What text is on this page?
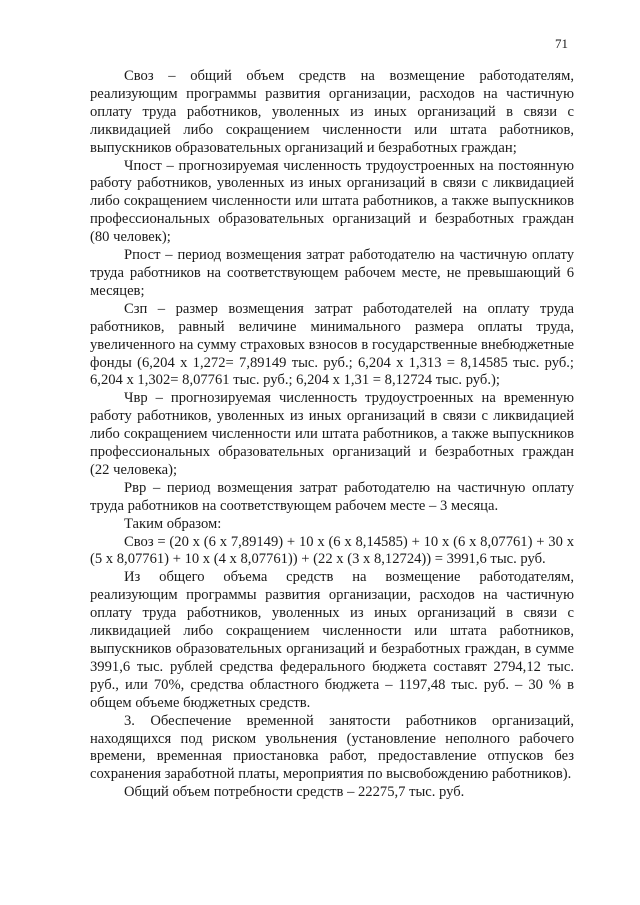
71

Своз – общий объем средств на возмещение работодателям, реализующим программы развития организации, расходов на частичную оплату труда работников, уволенных из иных организаций в связи с ликвидацией либо сокращением численности или штата работников, выпускников образовательных организаций и безработных граждан;

Чпост – прогнозируемая численность трудоустроенных на постоянную работу работников, уволенных из иных организаций в связи с ликвидацией либо сокращением численности или штата работников, а также выпускников профессиональных образовательных организаций и безработных граждан (80 человек);

Рпост – период возмещения затрат работодателю на частичную оплату труда работников на соответствующем рабочем месте, не превышающий 6 месяцев;

Сзп – размер возмещения затрат работодателей на оплату труда работников, равный величине минимального размера оплаты труда, увеличенного на сумму страховых взносов в государственные внебюджетные фонды (6,204 х 1,272= 7,89149 тыс. руб.; 6,204 х 1,313 = 8,14585 тыс. руб.; 6,204 х 1,302= 8,07761 тыс. руб.; 6,204 х 1,31 = 8,12724 тыс. руб.);

Чвр – прогнозируемая численность трудоустроенных на временную работу работников, уволенных из иных организаций в связи с ликвидацией либо сокращением численности или штата работников, а также выпускников профессиональных образовательных организаций и безработных граждан (22 человека);

Рвр – период возмещения затрат работодателю на частичную оплату труда работников на соответствующем рабочем месте – 3 месяца.

Таким образом:

Своз = (20 х (6 х 7,89149) + 10 х (6 х 8,14585) + 10 х (6 х 8,07761) + 30 х (5 х 8,07761) + 10 х (4 х 8,07761)) + (22 х (3 х 8,12724)) = 3991,6 тыс. руб.

Из общего объема средств на возмещение работодателям, реализующим программы развития организации, расходов на частичную оплату труда работников, уволенных из иных организаций в связи с ликвидацией либо сокращением численности или штата работников, выпускников образовательных организаций и безработных граждан, в сумме 3991,6 тыс. рублей средства федерального бюджета составят 2794,12 тыс. руб., или 70%, средства областного бюджета – 1197,48 тыс. руб. – 30 % в общем объеме бюджетных средств.

3. Обеспечение временной занятости работников организаций, находящихся под риском увольнения (установление неполного рабочего времени, временная приостановка работ, предоставление отпусков без сохранения заработной платы, мероприятия по высвобождению работников).

Общий объем потребности средств – 22275,7 тыс. руб.
